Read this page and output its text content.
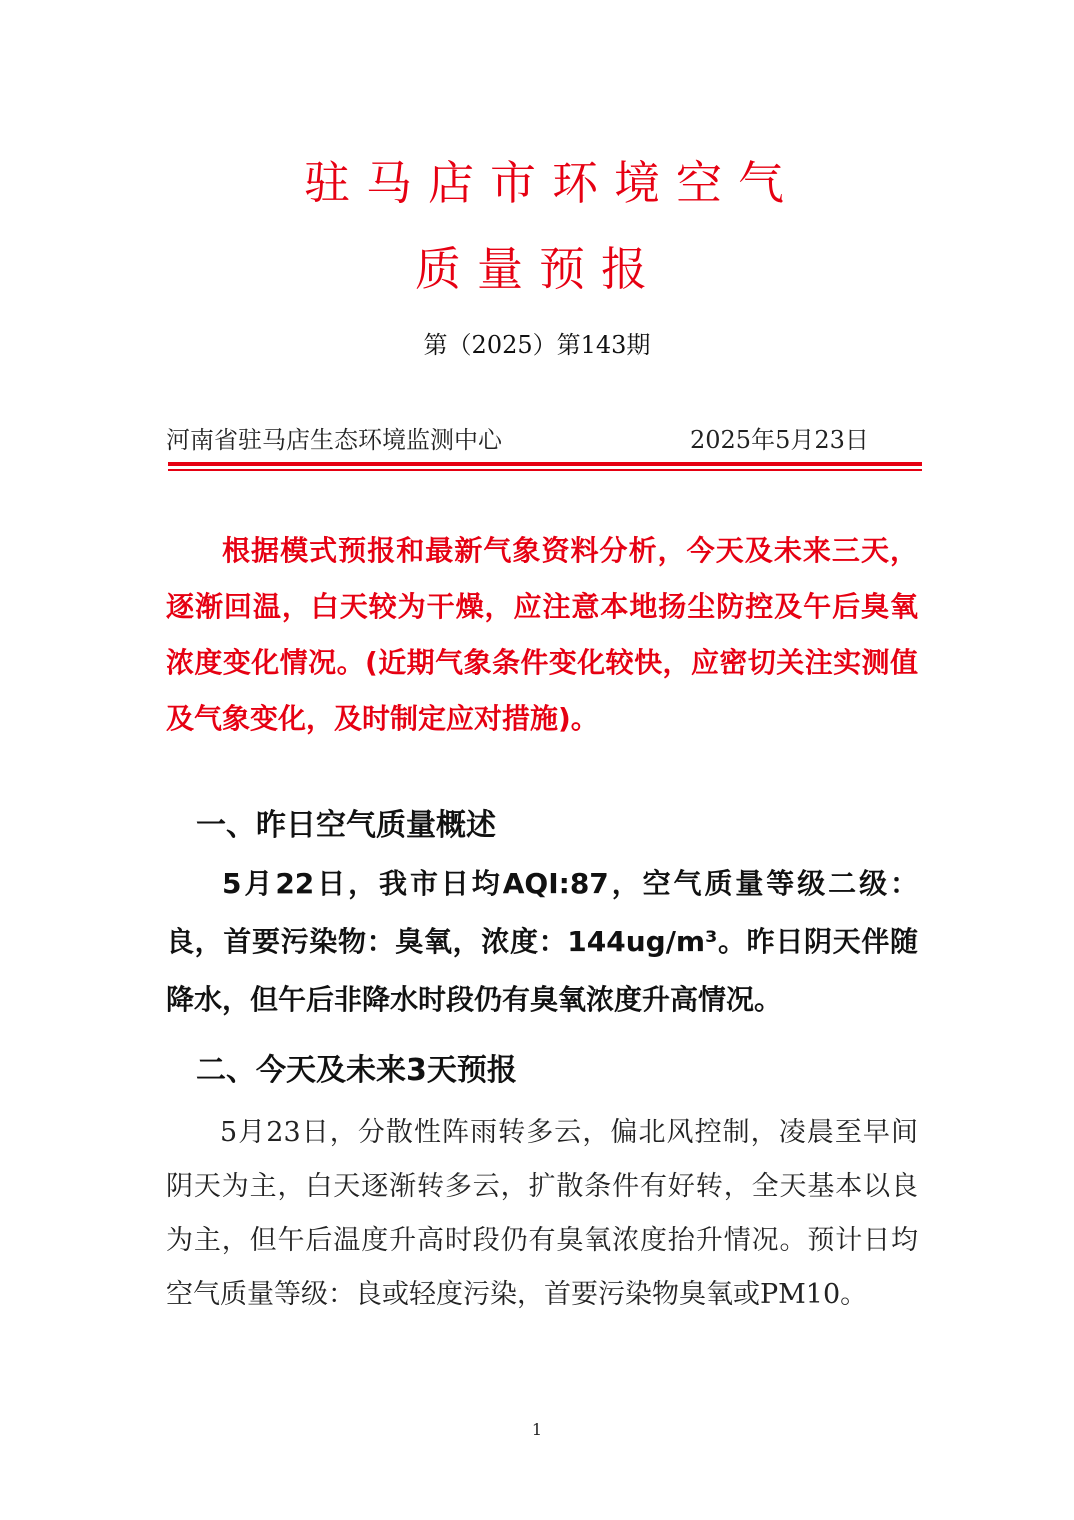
驻马店市环境空气
质量预报
第（2025）第143期
河南省驻马店生态环境监测中心	2025年5月23日

根据模式预报和最新气象资料分析，今天及未来三天，逐渐回温，白天较为干燥，应注意本地扬尘防控及午后臭氧浓度变化情况。(近期气象条件变化较快，应密切关注实测值及气象变化，及时制定应对措施)。

一、昨日空气质量概述

5月22日，我市日均AQI:87，空气质量等级二级：良，首要污染物：臭氧，浓度：144ug/m³。昨日阴天伴随降水，但午后非降水时段仍有臭氧浓度升高情况。

二、今天及未来3天预报

5月23日，分散性阵雨转多云，偏北风控制，凌晨至早间阴天为主，白天逐渐转多云，扩散条件有好转，全天基本以良为主，但午后温度升高时段仍有臭氧浓度抬升情况。预计日均空气质量等级：良或轻度污染，首要污染物臭氧或PM10。

1
